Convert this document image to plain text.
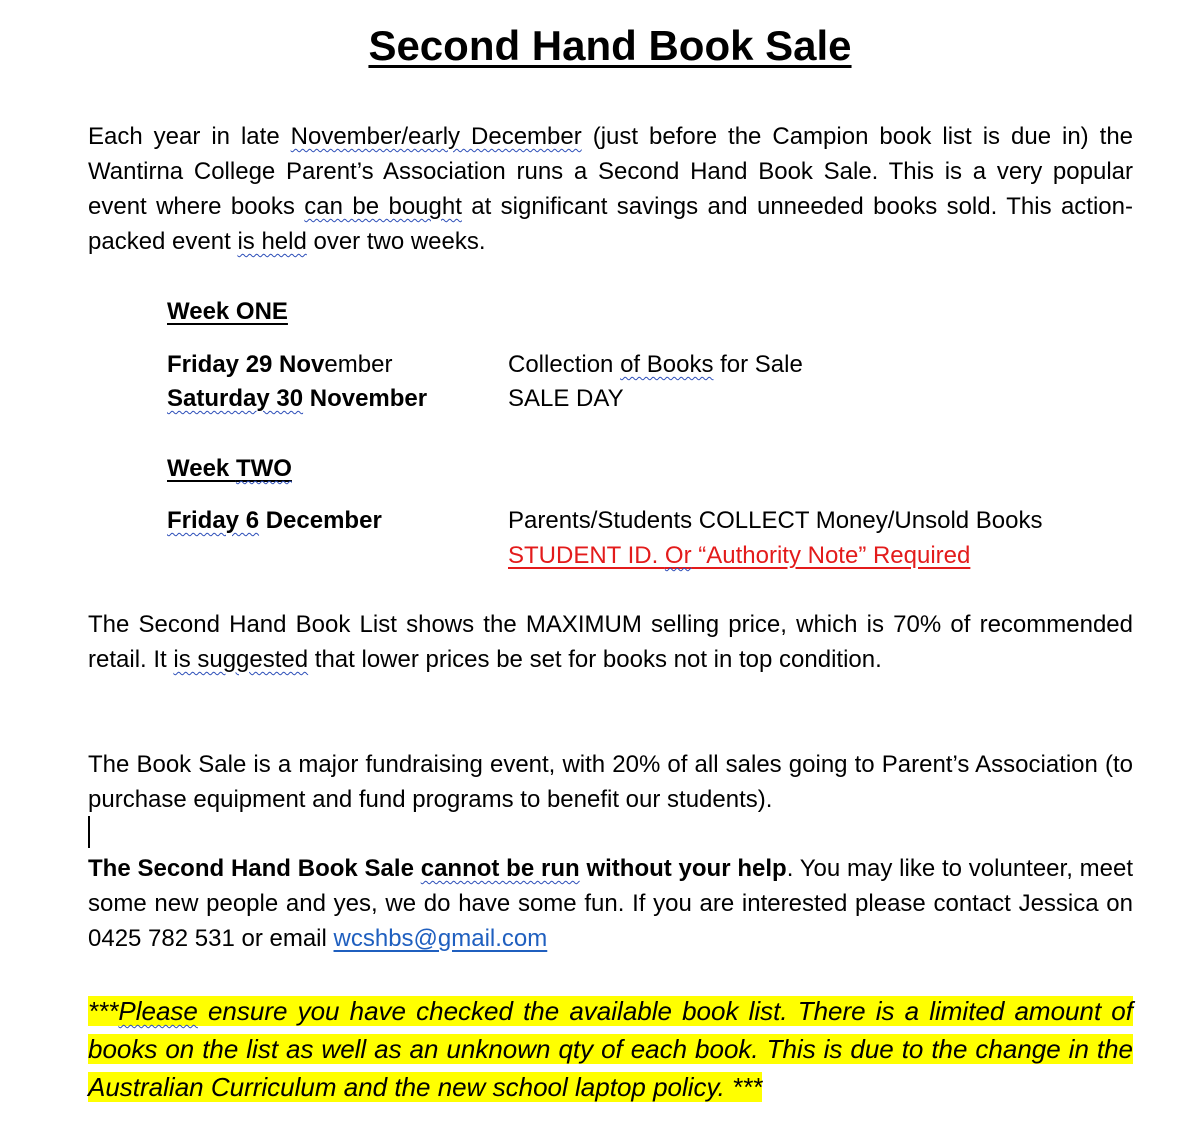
Second Hand Book Sale
Each year in late November/early December (just before the Campion book list is due in) the Wantirna College Parent’s Association runs a Second Hand Book Sale. This is a very popular event where books can be bought at significant savings and unneeded books sold. This action-packed event is held over two weeks.
Week ONE
Friday 29 November	Collection of Books for Sale
Saturday 30 November	SALE DAY
Week TWO
Friday 6 December	Parents/Students COLLECT Money/Unsold Books
STUDENT ID. Or “Authority Note” Required
The Second Hand Book List shows the MAXIMUM selling price, which is 70% of recommended retail. It is suggested that lower prices be set for books not in top condition.
The Book Sale is a major fundraising event, with 20% of all sales going to Parent’s Association (to purchase equipment and fund programs to benefit our students).
The Second Hand Book Sale cannot be run without your help. You may like to volunteer, meet some new people and yes, we do have some fun. If you are interested please contact Jessica on 0425 782 531 or email wcshbs@gmail.com
***Please ensure you have checked the available book list. There is a limited amount of books on the list as well as an unknown qty of each book. This is due to the change in the Australian Curriculum and the new school laptop policy. ***
